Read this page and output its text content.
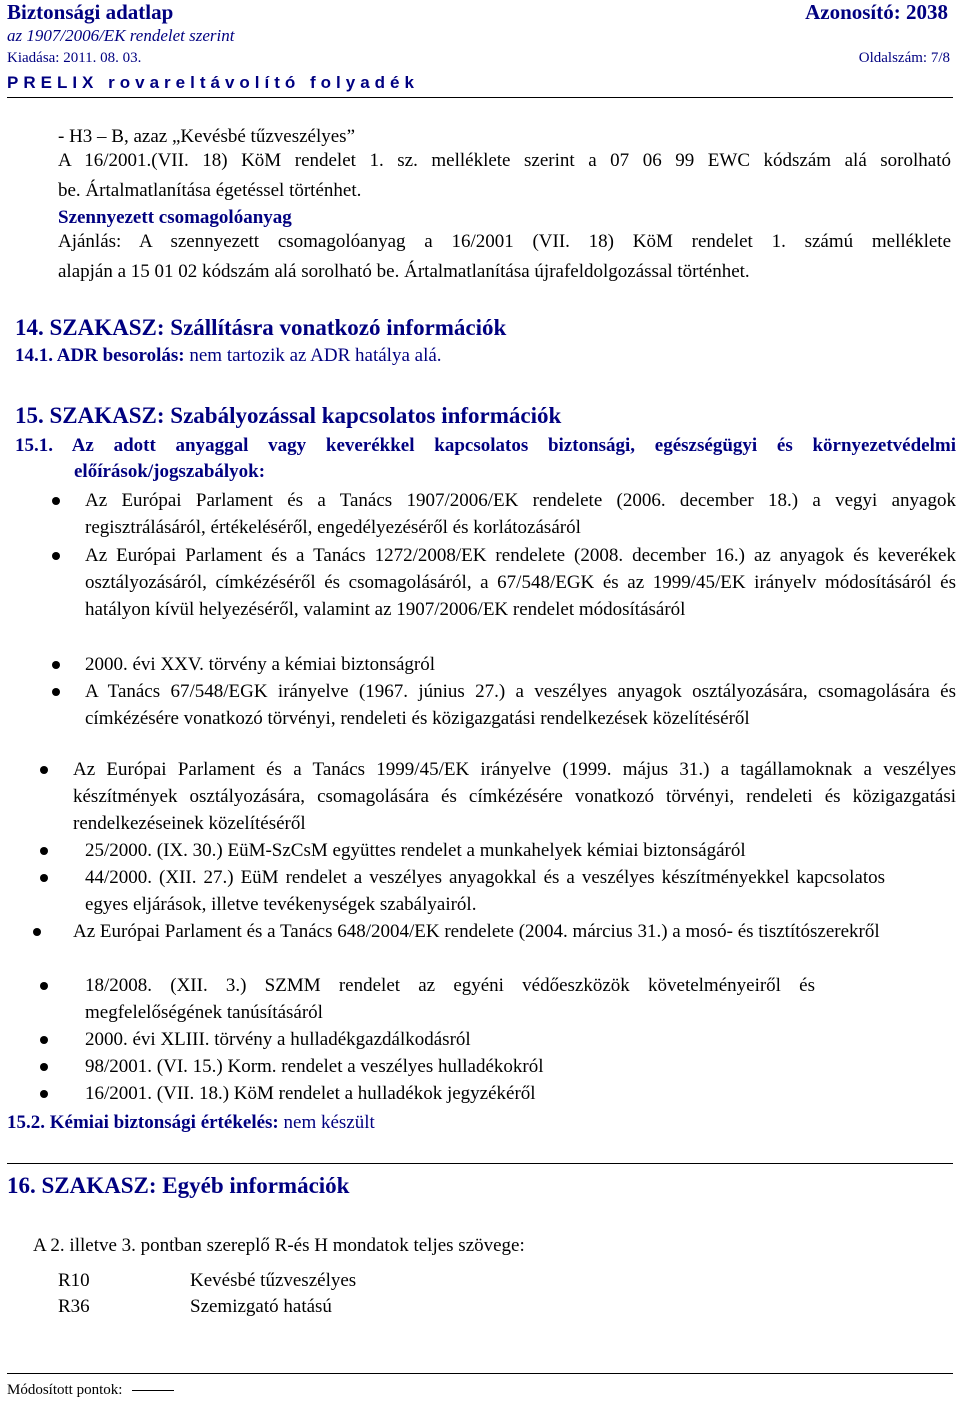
Biztonsági adatlap	Azonosító: 2038
az 1907/2006/EK rendelet szerint
Kiadása: 2011. 08. 03.	Oldalszám: 7/8
PRELIX rovareltávolító folyadék
- H3 – B, azaz „Kevésbé tűzveszélyes”
A 16/2001.(VII. 18) KöM rendelet 1. sz. melléklete szerint a 07 06 99 EWC kódszám alá sorolható
be. Ártalmatlanítása égetéssel történhet.
Szennyezett csomagolóanyag
Ajánlás: A szennyezett csomagolóanyag a 16/2001 (VII. 18) KöM rendelet 1. számú melléklete
alapján a 15 01 02 kódszám alá sorolható be. Ártalmatlanítása újrafeldolgozással történhet.
14. SZAKASZ: Szállításra vonatkozó információk
14.1. ADR besorolás: nem tartozik az ADR hatálya alá.
15. SZAKASZ: Szabályozással kapcsolatos információk
15.1. Az adott anyaggal vagy keverékkel kapcsolatos biztonsági, egészségügyi és környezetvédelmi
előírások/jogszabályok:
Az Európai Parlament és a Tanács 1907/2006/EK rendelete (2006. december 18.) a vegyi anyagok regisztrálásáról, értékeléséről, engedélyezéséről és korlátozásáról
Az Európai Parlament és a Tanács 1272/2008/EK rendelete (2008. december 16.) az anyagok és keverékek osztályozásáról, címkézéséről és csomagolásáról, a 67/548/EGK és az 1999/45/EK irányelv módosításáról és hatályon kívül helyezéséről, valamint az 1907/2006/EK rendelet módosításáról
2000. évi XXV. törvény a kémiai biztonságról
A Tanács 67/548/EGK irányelve (1967. június 27.) a veszélyes anyagok osztályozására, csomagolására és címkézésére vonatkozó törvényi, rendeleti és közigazgatási rendelkezések közelítéséről
Az Európai Parlament és a Tanács 1999/45/EK irányelve (1999. május 31.) a tagállamoknak a veszélyes készítmények osztályozására, csomagolására és címkézésére vonatkozó törvényi, rendeleti és közigazgatási rendelkezéseinek közelítéséről
25/2000. (IX. 30.) EüM-SzCsM együttes rendelet a munkahelyek kémiai biztonságáról
44/2000. (XII. 27.) EüM rendelet a veszélyes anyagokkal és a veszélyes készítményekkel kapcsolatos egyes eljárások, illetve tevékenységek szabályairól.
Az Európai Parlament és a Tanács 648/2004/EK rendelete (2004. március 31.) a mosó- és tisztítószerekről
18/2008. (XII. 3.) SZMM rendelet az egyéni védőeszközök követelményeiről és megfelelőségének tanúsításáról
2000. évi XLIII. törvény a hulladékgazdálkodásról
98/2001. (VI. 15.) Korm. rendelet a veszélyes hulladékokról
16/2001. (VII. 18.) KöM rendelet a hulladékok jegyzékéről
15.2. Kémiai biztonsági értékelés: nem készült
16. SZAKASZ: Egyéb információk
A 2. illetve 3. pontban szereplő R-és H mondatok teljes szövege:
R10	Kevésbé tűzveszélyes
R36	Szemizgató hatású
Módosított pontok:
